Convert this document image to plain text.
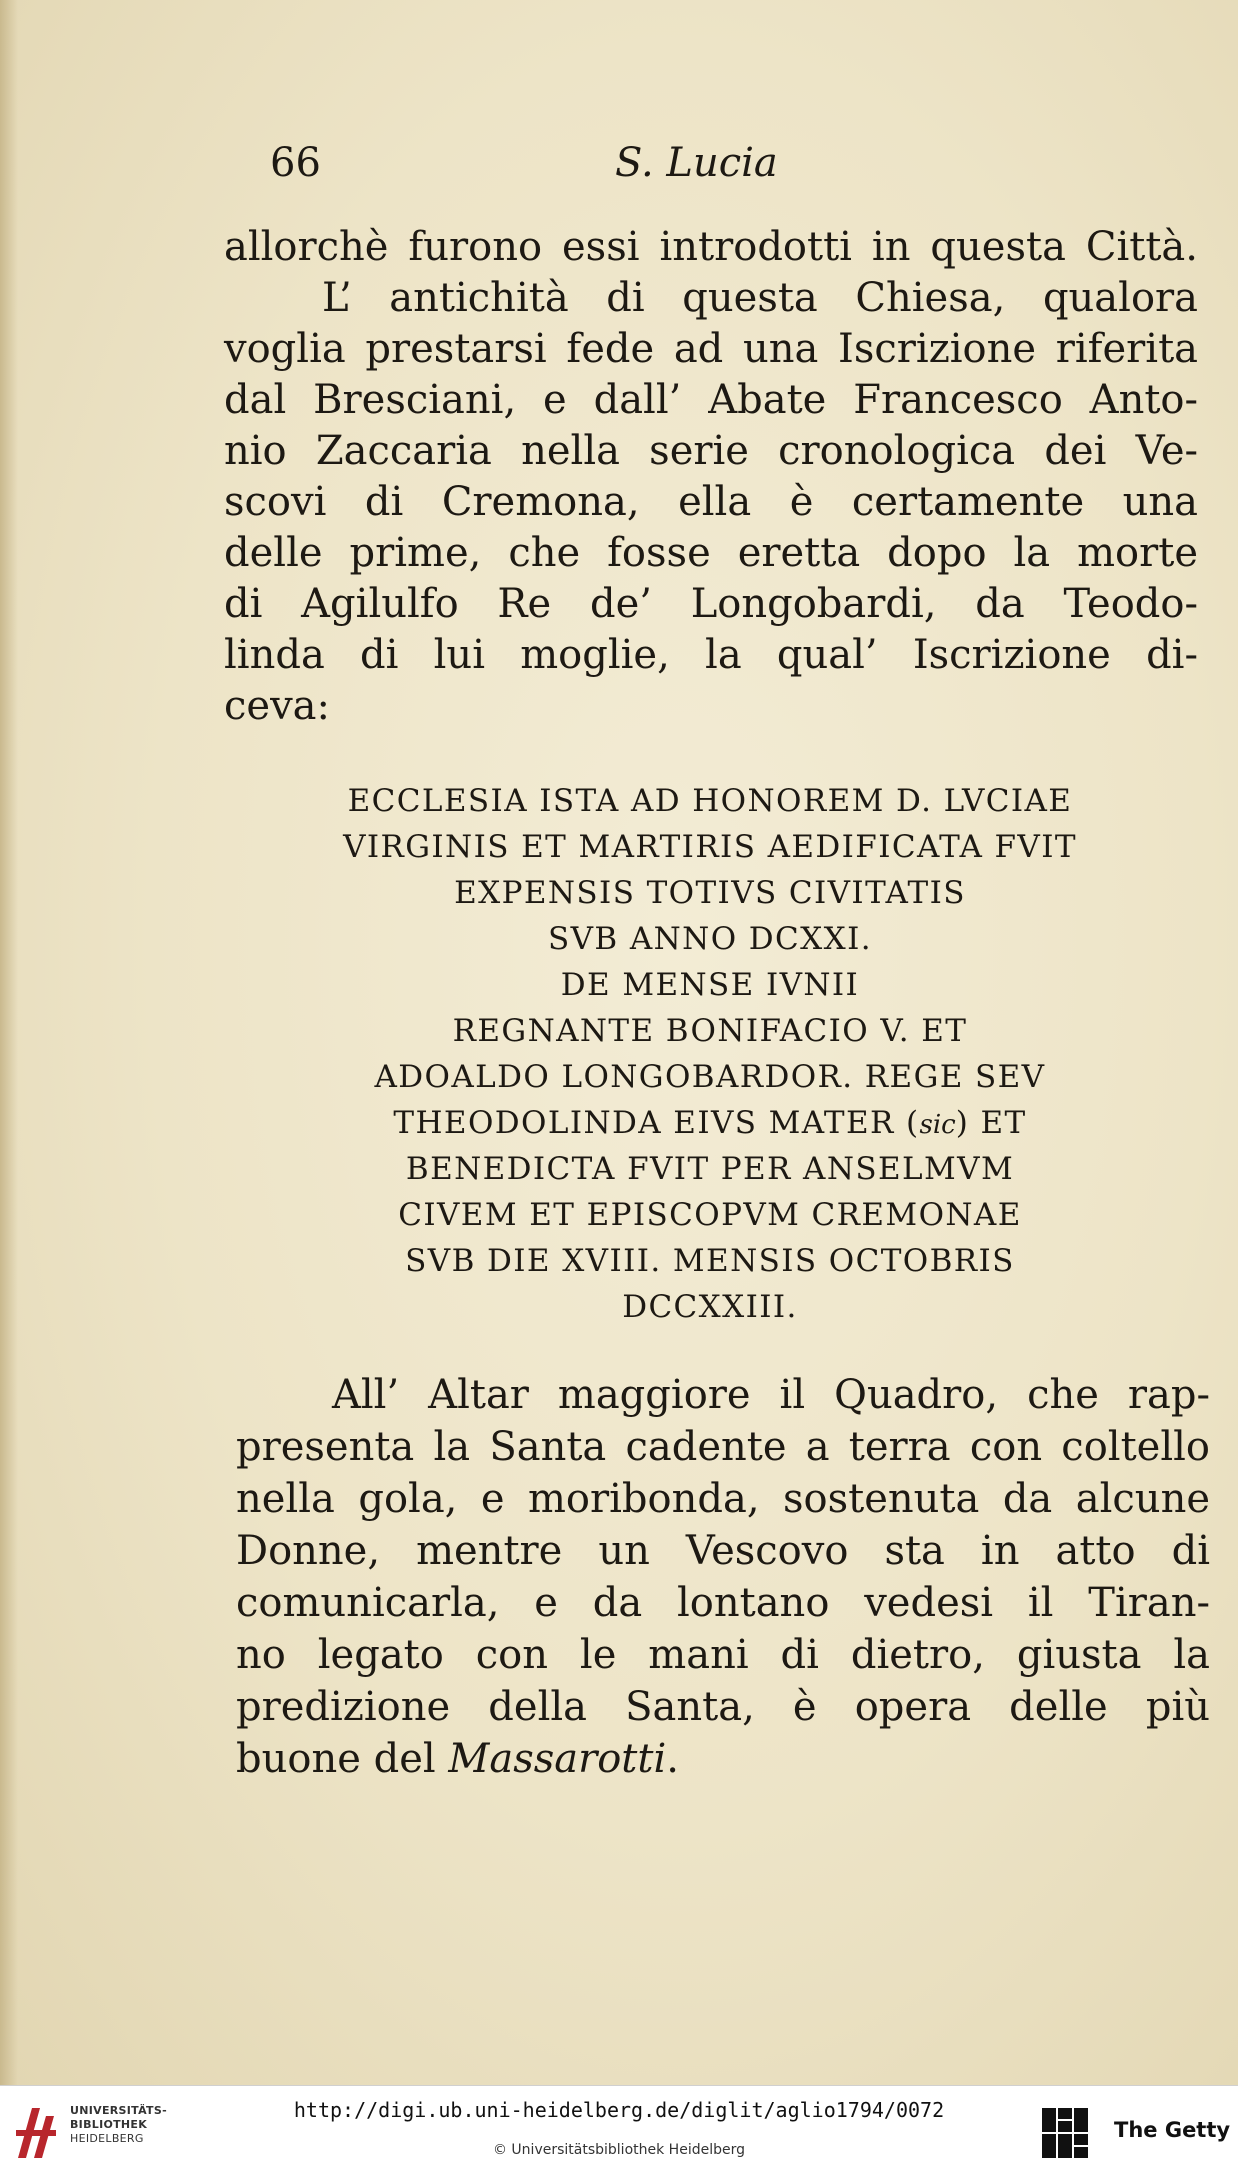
66	S. Lucia
allorchè furono essi introdotti in questa Città.
L’ antichità di questa Chiesa, qualora
voglia prestarsi fede ad una Iscrizione riferita
dal Bresciani, e dall’ Abate Francesco Anto-
nio Zaccaria nella serie cronologica dei Ve-
scovi di Cremona, ella è certamente una
delle prime, che fosse eretta dopo la morte
di Agilulfo Re de’ Longobardi, da Teodo-
linda di lui moglie, la qual’ Iscrizione di-
ceva:
ECCLESIA ISTA AD HONOREM D. LVCIAE
VIRGINIS ET MARTIRIS AEDIFICATA FVIT
EXPENSIS TOTIVS CIVITATIS
SVB ANNO DCXXI.
DE MENSE IVNII
REGNANTE BONIFACIO V. ET
ADOALDO LONGOBARDOR. REGE SEV
THEODOLINDA EIVS MATER (sic) ET
BENEDICTA FVIT PER ANSELMVM
CIVEM ET EPISCOPVM CREMONAE
SVB DIE XVIII. MENSIS OCTOBRIS
DCCXXIII.
All’ Altar maggiore il Quadro, che rap-
presenta la Santa cadente a terra con coltello
nella gola, e moribonda, sostenuta da alcune
Donne, mentre un Vescovo sta in atto di
comunicarla, e da lontano vedesi il Tiran-
no legato con le mani di dietro, giusta la
predizione della Santa, è opera delle più
buone del Massarotti.
UNIVERSITÄTS-
BIBLIOTHEK
HEIDELBERG
http://digi.ub.uni-heidelberg.de/diglit/aglio1794/0072
© Universitätsbibliothek Heidelberg
The Getty
